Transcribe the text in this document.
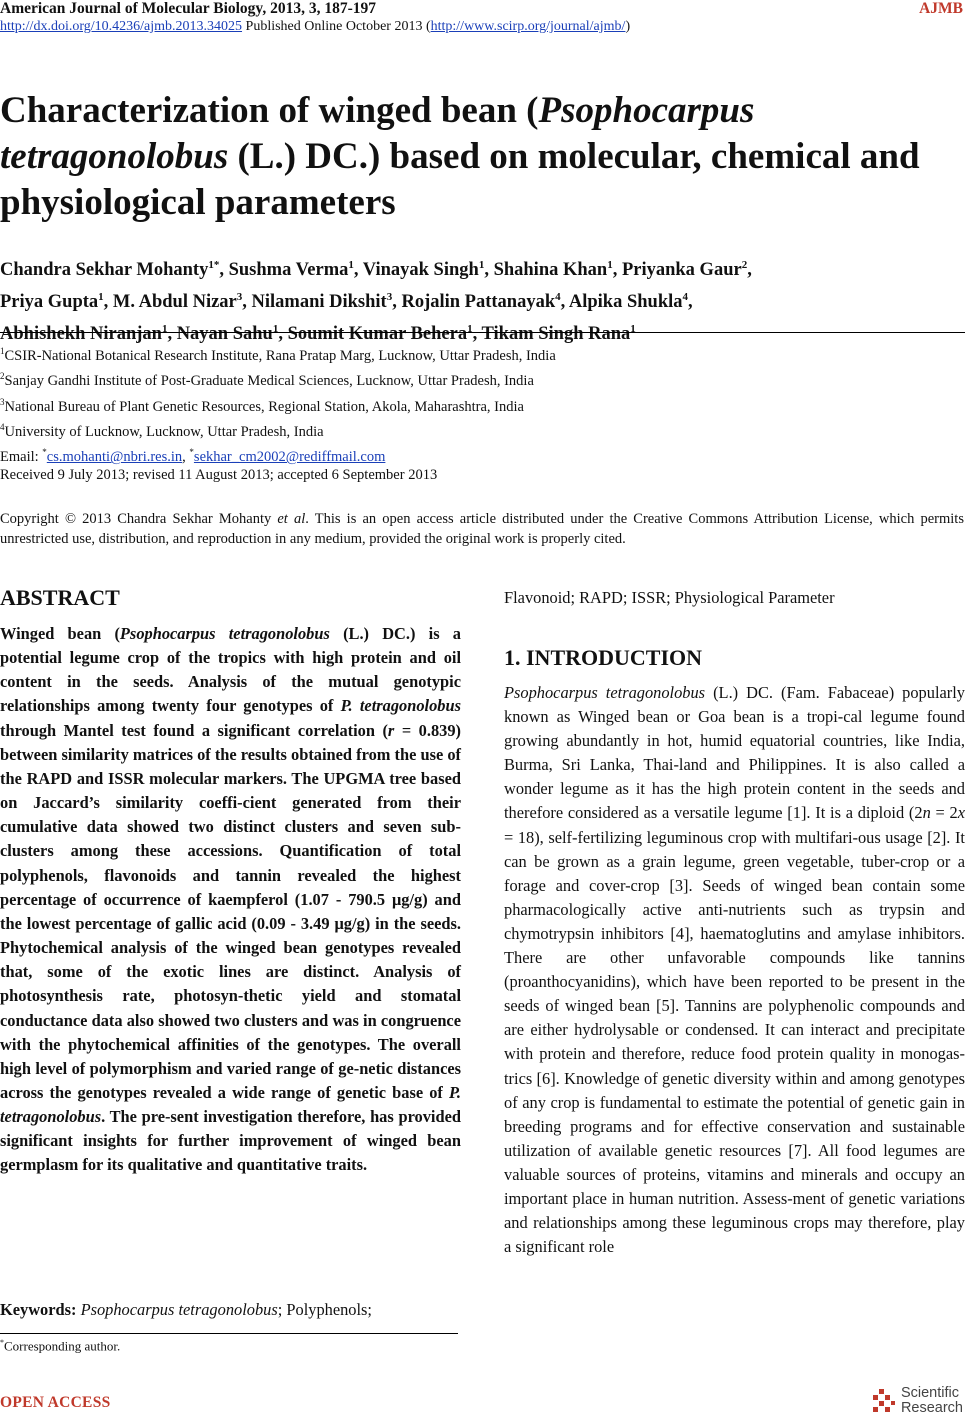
American Journal of Molecular Biology, 2013, 3, 187-197	AJMB
http://dx.doi.org/10.4236/ajmb.2013.34025 Published Online October 2013 (http://www.scirp.org/journal/ajmb/)
Characterization of winged bean (Psophocarpus tetragonolobus (L.) DC.) based on molecular, chemical and physiological parameters
Chandra Sekhar Mohanty$^{1*}$, Sushma Verma$^1$, Vinayak Singh$^1$, Shahina Khan$^1$, Priyanka Gaur$^2$,
Priya Gupta$^1$, M. Abdul Nizar$^3$, Nilamani Dikshit$^3$, Rojalin Pattanayak$^4$, Alpika Shukla$^4$,
Abhishekh Niranjan$^1$, Nayan Sahu$^1$, Soumit Kumar Behera$^1$, Tikam Singh Rana$^1$
$^1$CSIR-National Botanical Research Institute, Rana Pratap Marg, Lucknow, Uttar Pradesh, India
$^2$Sanjay Gandhi Institute of Post-Graduate Medical Sciences, Lucknow, Uttar Pradesh, India
$^3$National Bureau of Plant Genetic Resources, Regional Station, Akola, Maharashtra, India
$^4$University of Lucknow, Lucknow, Uttar Pradesh, India
Email: *cs.mohanti@nbri.res.in, *sekhar_cm2002@rediffmail.com
Received 9 July 2013; revised 11 August 2013; accepted 6 September 2013
Copyright © 2013 Chandra Sekhar Mohanty et al. This is an open access article distributed under the Creative Commons Attribution License, which permits unrestricted use, distribution, and reproduction in any medium, provided the original work is properly cited.
ABSTRACT
Winged bean (Psophocarpus tetragonolobus (L.) DC.) is a potential legume crop of the tropics with high protein and oil content in the seeds. Analysis of the mutual genotypic relationships among twenty four genotypes of P. tetragonolobus through Mantel test found a significant correlation (r = 0.839) between similarity matrices of the results obtained from the use of the RAPD and ISSR molecular markers. The UPGMA tree based on Jaccard’s similarity coeffi-cient generated from their cumulative data showed two distinct clusters and seven sub-clusters among these accessions. Quantification of total polyphenols, flavonoids and tannin revealed the highest percentage of occurrence of kaempferol (1.07 - 790.5 μg/g) and the lowest percentage of gallic acid (0.09 - 3.49 μg/g) in the seeds. Phytochemical analysis of the winged bean genotypes revealed that, some of the exotic lines are distinct. Analysis of photosynthesis rate, photosyn-thetic yield and stomatal conductance data also showed two clusters and was in congruence with the phytochemical affinities of the genotypes. The overall high level of polymorphism and varied range of ge-netic distances across the genotypes revealed a wide range of genetic base of P. tetragonolobus. The pre-sent investigation therefore, has provided significant insights for further improvement of winged bean germplasm for its qualitative and quantitative traits.
Keywords: Psophocarpus tetragonolobus; Polyphenols;
*Corresponding author.
OPEN ACCESS
Flavonoid; RAPD; ISSR; Physiological Parameter
1. INTRODUCTION
Psophocarpus tetragonolobus (L.) DC. (Fam. Fabaceae) popularly known as Winged bean or Goa bean is a tropi-cal legume found growing abundantly in hot, humid equatorial countries, like India, Burma, Sri Lanka, Thai-land and Philippines. It is also called a wonder legume as it has the high protein content in the seeds and therefore considered as a versatile legume [1]. It is a diploid (2n = 2x = 18), self-fertilizing leguminous crop with multifari-ous usage [2]. It can be grown as a grain legume, green vegetable, tuber-crop or a forage and cover-crop [3]. Seeds of winged bean contain some pharmacologically active anti-nutrients such as trypsin and chymotrypsin inhibitors [4], haematoglutins and amylase inhibitors. There are other unfavorable compounds like tannins (proanthocyanidins), which have been reported to be present in the seeds of winged bean [5]. Tannins are polyphenolic compounds and are either hydrolysable or condensed. It can interact and precipitate with protein and therefore, reduce food protein quality in monogas-trics [6]. Knowledge of genetic diversity within and among genotypes of any crop is fundamental to estimate the potential of genetic gain in breeding programs and for effective conservation and sustainable utilization of available genetic resources [7]. All food legumes are valuable sources of proteins, vitamins and minerals and occupy an important place in human nutrition. Assess-ment of genetic variations and relationships among these leguminous crops may therefore, play a significant role
Scientific
Research
